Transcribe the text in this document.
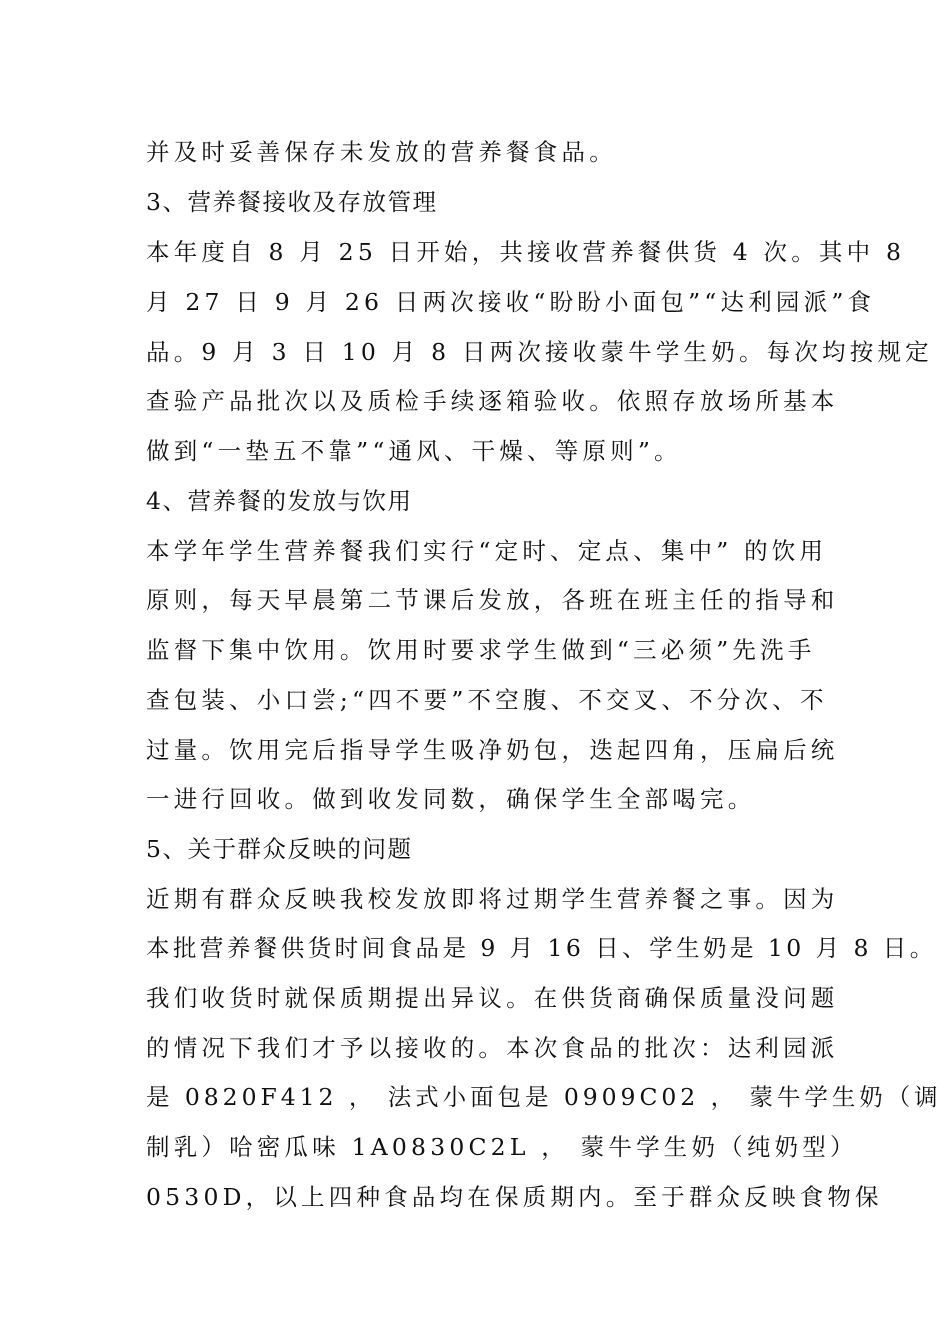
并及时妥善保存未发放的营养餐食品。
3、营养餐接收及存放管理
本年度自 8 月 25 日开始，共接收营养餐供货 4 次。其中 8
月 27 日 9 月 26 日两次接收“盼盼小面包”“达利园派”食
品。9 月 3 日 10 月 8 日两次接收蒙牛学生奶。每次均按规定
查验产品批次以及质检手续逐箱验收。依照存放场所基本
做到“一垫五不靠”“通风、干燥、等原则”。
4、营养餐的发放与饮用
本学年学生营养餐我们实行“定时、定点、集中” 的饮用
原则，每天早晨第二节课后发放，各班在班主任的指导和
监督下集中饮用。饮用时要求学生做到“三必须”先洗手
查包装、小口尝;“四不要”不空腹、不交叉、不分次、不
过量。饮用完后指导学生吸净奶包，迭起四角，压扁后统
一进行回收。做到收发同数，确保学生全部喝完。
5、关于群众反映的问题
近期有群众反映我校发放即将过期学生营养餐之事。因为
本批营养餐供货时间食品是 9 月 16 日、学生奶是 10 月 8 日。
我们收货时就保质期提出异议。在供货商确保质量没问题
的情况下我们才予以接收的。本次食品的批次：达利园派
是 0820F412 ， 法式小面包是 0909C02 ， 蒙牛学生奶（调
制乳）哈密瓜味 1A0830C2L ， 蒙牛学生奶（纯奶型）
0530D，以上四种食品均在保质期内。至于群众反映食物保
